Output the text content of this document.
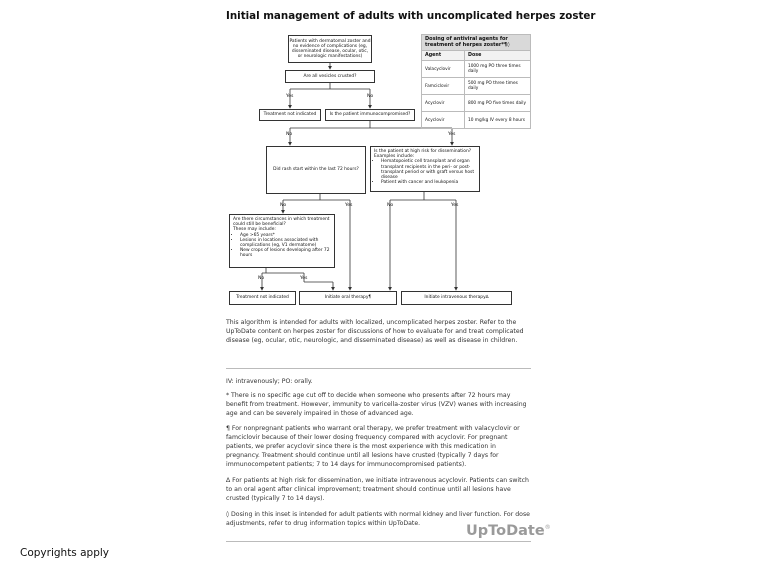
Initial management of adults with uncomplicated herpes zoster
Patients with dermatomal zoster and no evidence of complications (eg, disseminated disease, ocular, otic, or neurologic manifestations)
Are all vesicles crusted?
Yes	No
Treatment not indicated	Is the patient immunocompromised?
No	Yes
Did rash start within the last 72 hours?
Is the patient at high risk for dissemination?
Examples include:
• Hematopoietic cell transplant and organ transplant recipients in the peri- or post-transplant period or with graft versus host disease
• Patient with cancer and leukopenia
No	Yes	No	Yes
Are there circumstances in which treatment could still be beneficial?
These may include:
• Age >65 years*
• Lesions in locations associated with complications (eg, V1 dermatome)
• New crops of lesions developing after 72 hours
No	Yes
Treatment not indicated	Initiate oral therapy¶	Initiate intravenous therapy∆
Dosing of antiviral agents for treatment of herpes zoster*¶◊	
Agent	Dose
Valacyclovir	1000 mg PO three times daily
Famciclovir	500 mg PO three times daily
Acyclovir	800 mg PO five times daily
Acyclovir	10 mg/kg IV every 8 hours
This algorithm is intended for adults with localized, uncomplicated herpes zoster. Refer to the UpToDate content on herpes zoster for discussions of how to evaluate for and treat complicated disease (eg, ocular, otic, neurologic, and disseminated disease) as well as disease in children.
IV: intravenously; PO: orally.
* There is no specific age cut off to decide when someone who presents after 72 hours may benefit from treatment. However, immunity to varicella-zoster virus (VZV) wanes with increasing age and can be severely impaired in those of advanced age.
¶ For nonpregnant patients who warrant oral therapy, we prefer treatment with valacyclovir or famciclovir because of their lower dosing frequency compared with acyclovir. For pregnant patients, we prefer acyclovir since there is the most experience with this medication in pregnancy. Treatment should continue until all lesions have crusted (typically 7 days for immunocompetent patients; 7 to 14 days for immunocompromised patients).
∆ For patients at high risk for dissemination, we initiate intravenous acyclovir. Patients can switch to an oral agent after clinical improvement; treatment should continue until all lesions have crusted (typically 7 to 14 days).
◊ Dosing in this inset is intended for adult patients with normal kidney and liver function. For dose adjustments, refer to drug information topics within UpToDate.	UpToDate®
Copyrights apply
